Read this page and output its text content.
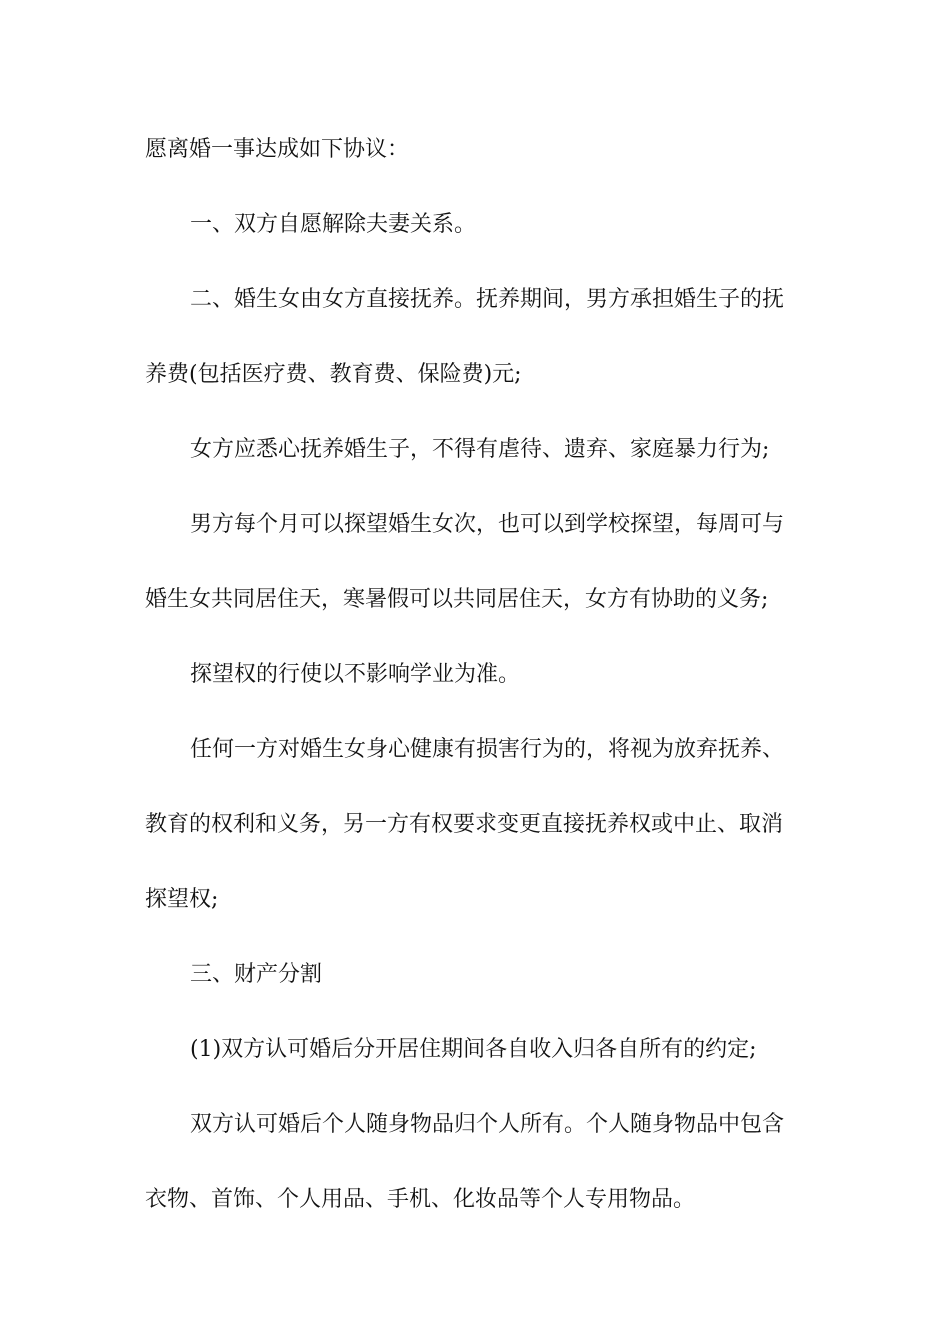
愿离婚一事达成如下协议：

一、双方自愿解除夫妻关系。

二、婚生女由女方直接抚养。抚养期间，男方承担婚生子的抚

养费(包括医疗费、教育费、保险费)元;

女方应悉心抚养婚生子，不得有虐待、遗弃、家庭暴力行为;

男方每个月可以探望婚生女次，也可以到学校探望，每周可与

婚生女共同居住天，寒暑假可以共同居住天，女方有协助的义务;

探望权的行使以不影响学业为准。

任何一方对婚生女身心健康有损害行为的，将视为放弃抚养、

教育的权利和义务，另一方有权要求变更直接抚养权或中止、取消

探望权;

三、财产分割

(1)双方认可婚后分开居住期间各自收入归各自所有的约定;

双方认可婚后个人随身物品归个人所有。个人随身物品中包含

衣物、首饰、个人用品、手机、化妆品等个人专用物品。
